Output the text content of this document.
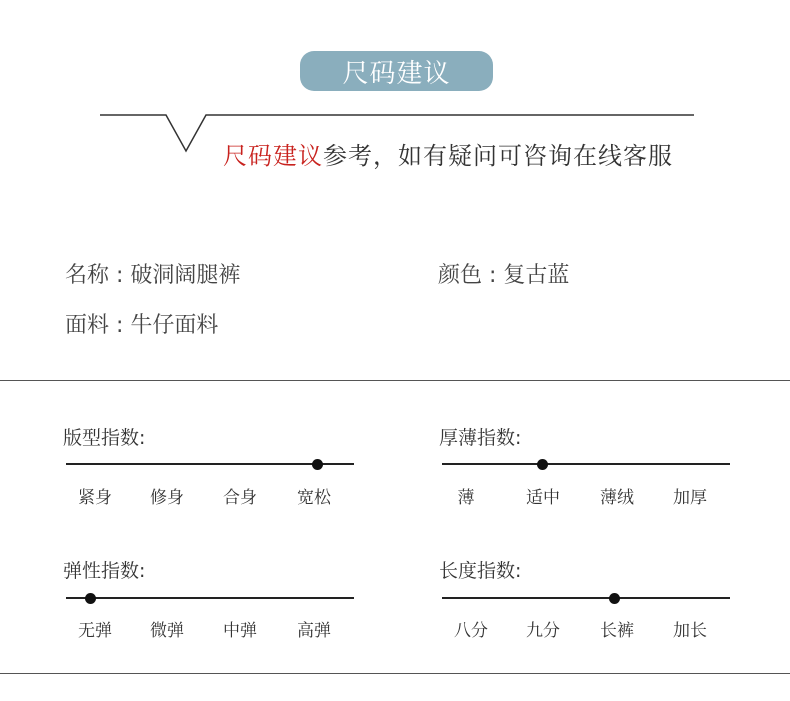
尺码建议
尺码建议参考，如有疑问可咨询在线客服
名称 : 破洞阔腿裤	颜色 : 复古蓝
面料 : 牛仔面料
版型指数:
紧身	修身	合身	宽松
厚薄指数:
薄	适中	薄绒	加厚
弹性指数:
无弹	微弹	中弹	高弹
长度指数:
八分	九分	长裤	加长
